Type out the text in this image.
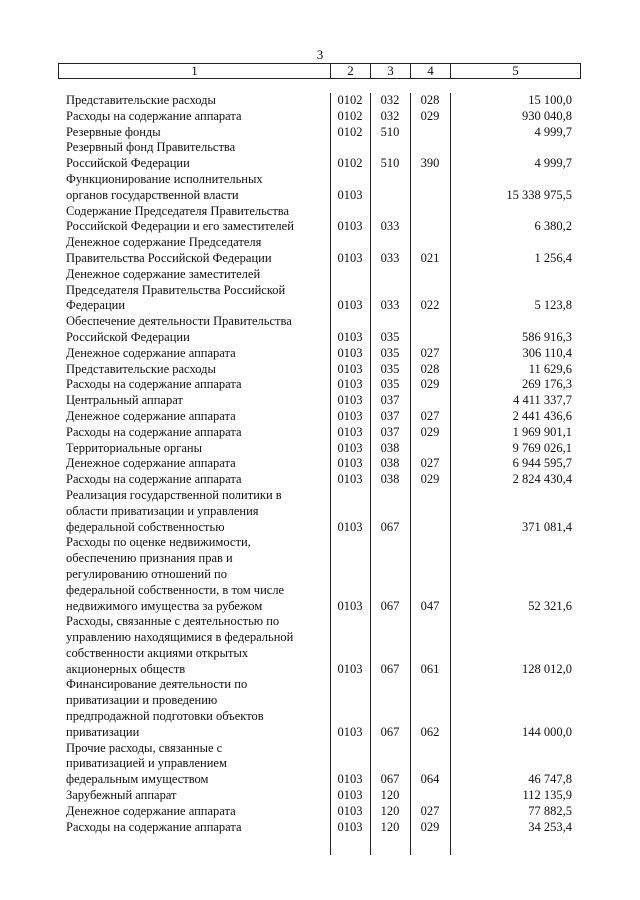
3
1	2	3	4	5
Представительские расходы	0102	032	028	15 100,0

Расходы на содержание аппарата	0102	032	029	930 040,8

Резервные фонды	0102	510		4 999,7

Резервный фонд Правительства
Российской Федерации	0102	510	390	4 999,7

Функционирование исполнительных
органов государственной власти	0103			15 338 975,5

Содержание Председателя Правительства
Российской Федерации и его заместителей	0103	033		6 380,2

Денежное содержание Председателя
Правительства Российской Федерации	0103	033	021	1 256,4

Денежное содержание заместителей
Председателя Правительства Российской
Федерации	0103	033	022	5 123,8

Обеспечение деятельности Правительства
Российской Федерации	0103	035		586 916,3

Денежное содержание аппарата	0103	035	027	306 110,4

Представительские расходы	0103	035	028	11 629,6

Расходы на содержание аппарата	0103	035	029	269 176,3

Центральный аппарат	0103	037		4 411 337,7

Денежное содержание аппарата	0103	037	027	2 441 436,6

Расходы на содержание аппарата	0103	037	029	1 969 901,1

Территориальные органы	0103	038		9 769 026,1

Денежное содержание аппарата	0103	038	027	6 944 595,7

Расходы на содержание аппарата	0103	038	029	2 824 430,4

Реализация государственной политики в
области приватизации и управления
федеральной собственностью	0103	067		371 081,4

Расходы по оценке недвижимости,
обеспечению признания прав и
регулированию отношений по
федеральной собственности, в том числе
недвижимого имущества за рубежом	0103	067	047	52 321,6

Расходы, связанные с деятельностью по
управлению находящимися в федеральной
собственности акциями открытых
акционерных обществ	0103	067	061	128 012,0

Финансирование деятельности по
приватизации и проведению
предпродажной подготовки объектов
приватизации	0103	067	062	144 000,0

Прочие расходы, связанные с
приватизацией и управлением
федеральным имуществом	0103	067	064	46 747,8

Зарубежный аппарат	0103	120		112 135,9

Денежное содержание аппарата	0103	120	027	77 882,5

Расходы на содержание аппарата	0103	120	029	34 253,4
